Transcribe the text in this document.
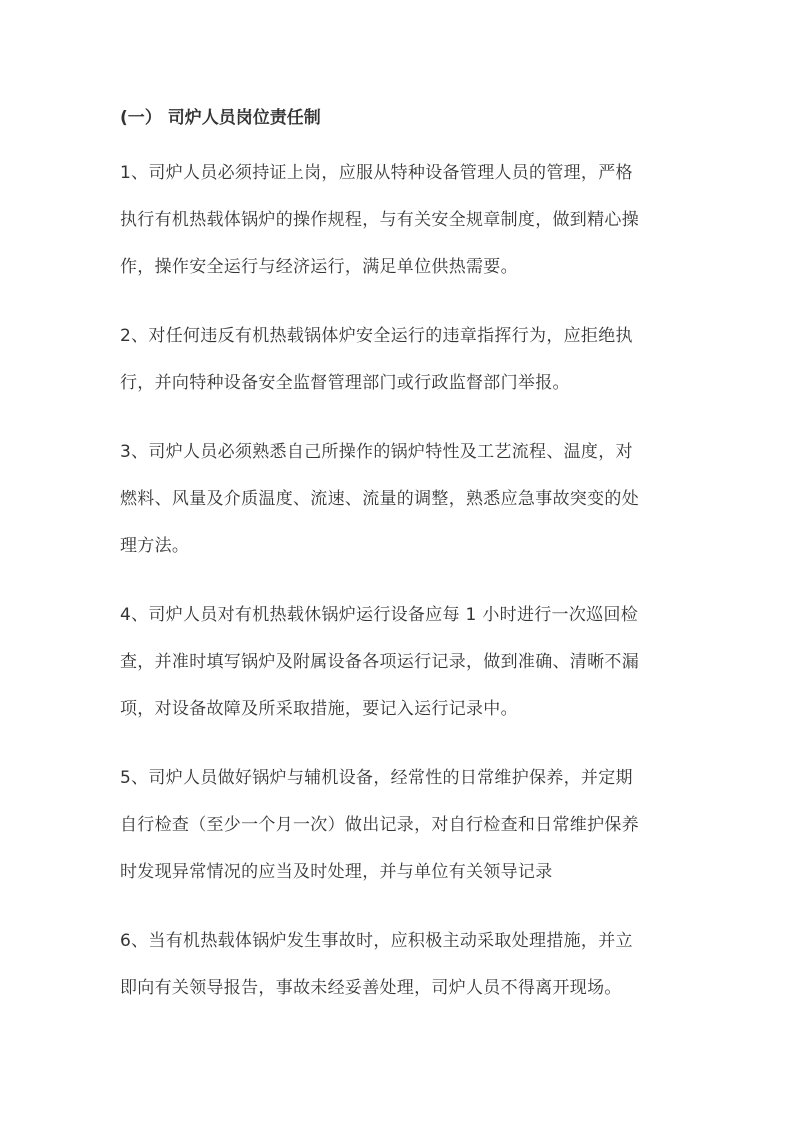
(一） 司炉人员岗位责任制
1、司炉人员必须持证上岗，应服从特种设备管理人员的管理，严格
执行有机热载体锅炉的操作规程，与有关安全规章制度，做到精心操
作，操作安全运行与经济运行，满足单位供热需要。
2、对任何违反有机热载锅体炉安全运行的违章指挥行为，应拒绝执
行，并向特种设备安全监督管理部门或行政监督部门举报。
3、司炉人员必须熟悉自己所操作的锅炉特性及工艺流程、温度，对
燃料、风量及介质温度、流速、流量的调整，熟悉应急事故突变的处
理方法。
4、司炉人员对有机热载休锅炉运行设备应每 1 小时进行一次巡回检
查，并准时填写锅炉及附属设备各项运行记录，做到准确、清晰不漏
项，对设备故障及所采取措施，要记入运行记录中。
5、司炉人员做好锅炉与辅机设备，经常性的日常维护保养，并定期
自行检查（至少一个月一次）做出记录，对自行检查和日常维护保养
时发现异常情况的应当及时处理，并与单位有关领导记录
6、当有机热载体锅炉发生事故时，应积极主动采取处理措施，并立
即向有关领导报告，事故未经妥善处理，司炉人员不得离开现场。
